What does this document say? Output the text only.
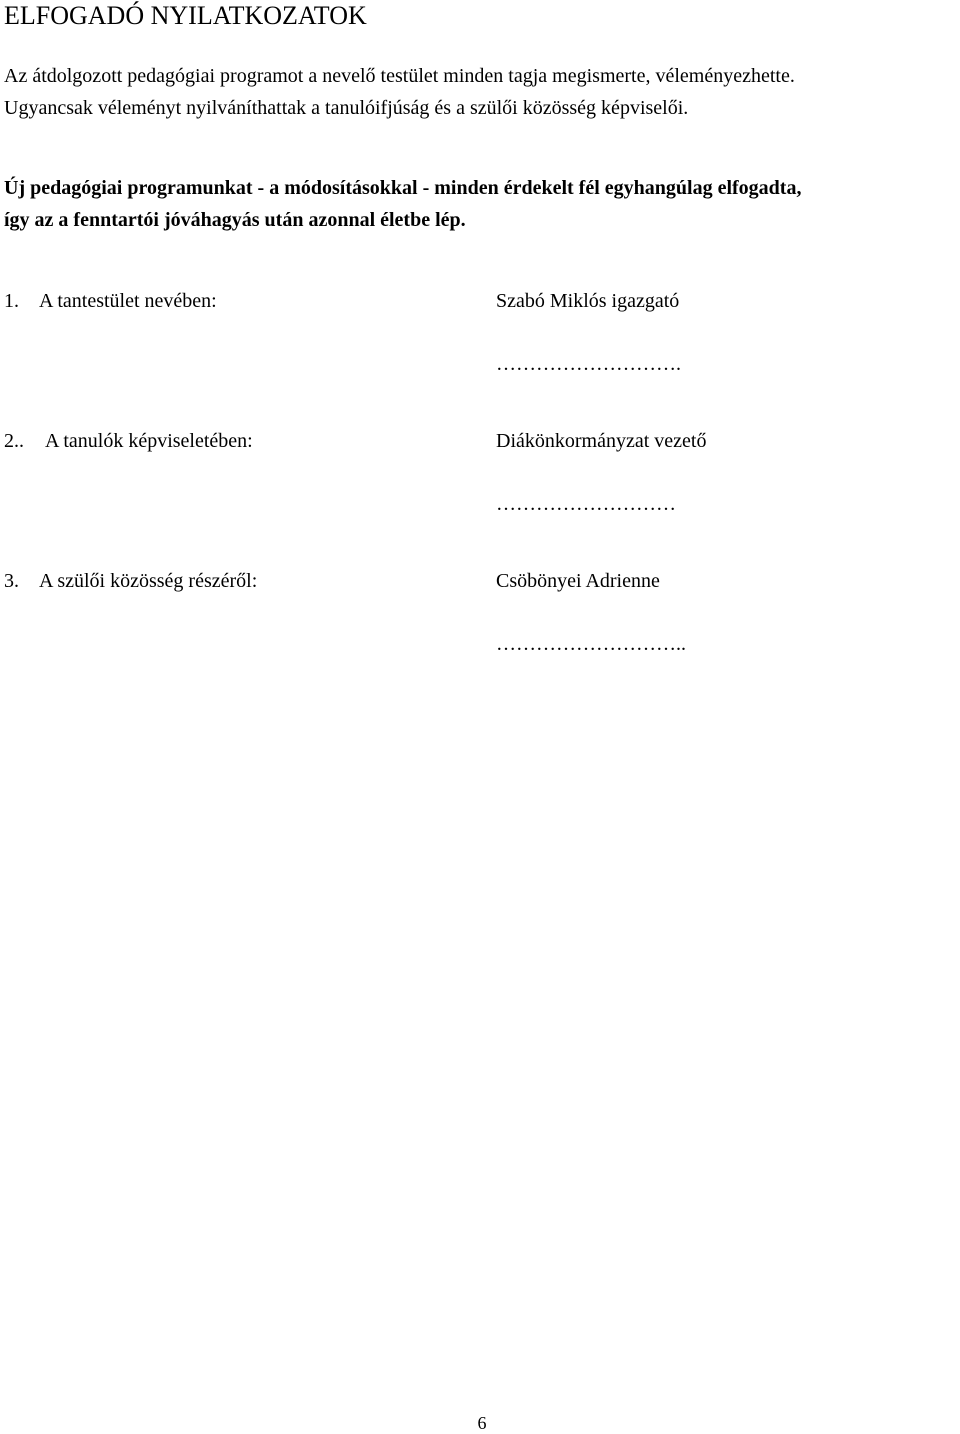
ELFOGADÓ NYILATKOZATOK

Az átdolgozott pedagógiai programot a nevelő testület minden tagja megismerte, véleményezhette.
Ugyancsak véleményt nyilváníthattak a tanulóifjúság és a szülői közösség képviselői.

Új pedagógiai programunkat - a módosításokkal - minden érdekelt fél egyhangúlag elfogadta,
így az a fenntartói jóváhagyás után azonnal életbe lép.

1. A tantestület nevében:	Szabó Miklós igazgató
……………………….
2.. A tanulók képviseletében:	Diákönkormányzat vezető
………………………
3. A szülői közösség részéről:	Csöbönyei Adrienne
………………………..
6
